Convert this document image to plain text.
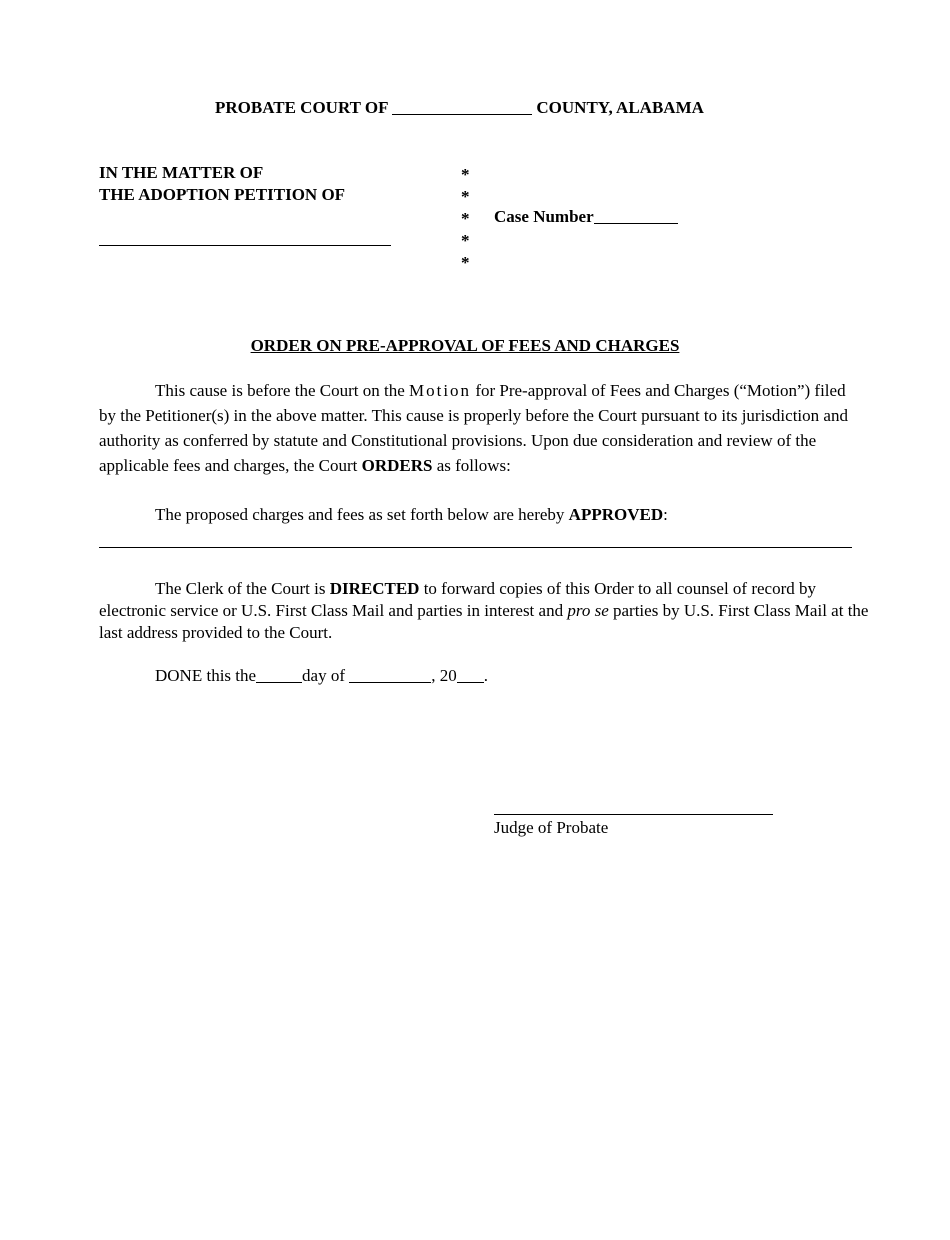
PROBATE COURT OF	COUNTY, ALABAMA
IN THE MATTER OF
THE ADOPTION PETITION OF
*
*
*
*
*
Case Number
ORDER ON PRE-APPROVAL OF FEES AND CHARGES
This cause is before the Court on the Motion for Pre-approval of Fees and Charges (“Motion”) filed by the Petitioner(s) in the above matter. This cause is properly before the Court pursuant to its jurisdiction and authority as conferred by statute and Constitutional provisions. Upon due consideration and review of the applicable fees and charges, the Court ORDERS as follows:
The proposed charges and fees as set forth below are hereby APPROVED:
The Clerk of the Court is DIRECTED to forward copies of this Order to all counsel of record by electronic service or U.S. First Class Mail and parties in interest and pro se parties by U.S. First Class Mail at the last address provided to the Court.
DONE this the	day of	, 20 .
Judge of Probate
